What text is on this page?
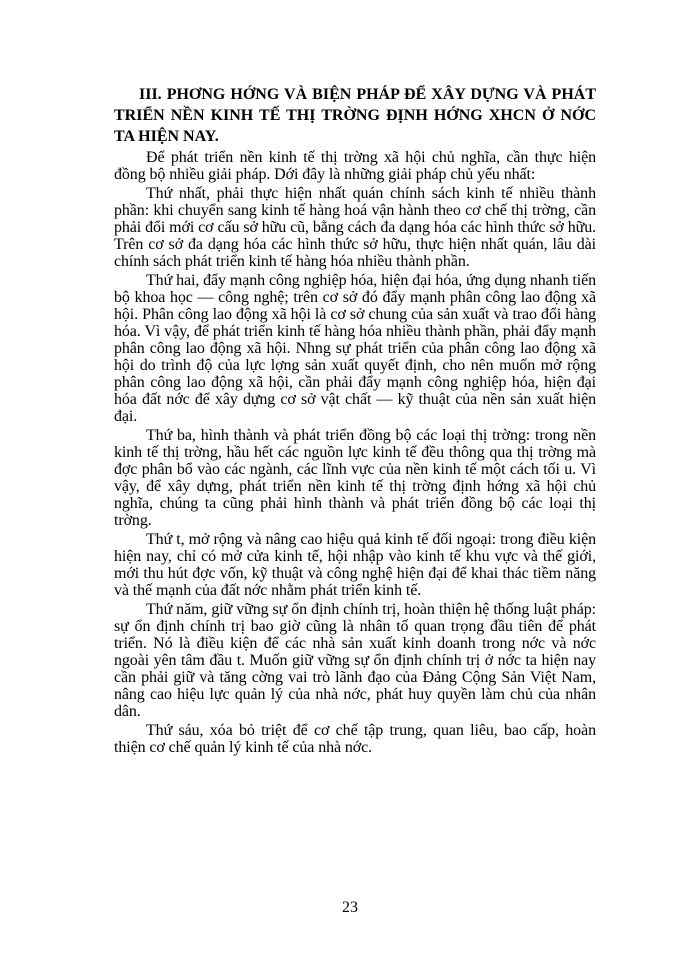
III. PHƠNG HỚNG VÀ BIỆN PHÁP ĐỂ XÂY DỰNG VÀ PHÁT TRIỂN NỀN KINH TẾ THỊ TRỜNG ĐỊNH HỚNG XHCN Ở NỚC TA HIỆN NAY.

Để phát triển nền kinh tế thị trờng xã hội chủ nghĩa, cần thực hiện đồng bộ nhiều giải pháp. Dới đây là những giải pháp chủ yếu nhất:

Thứ nhất, phải thực hiện nhất quán chính sách kinh tế nhiều thành phần: khi chuyển sang kinh tế hàng hoá vận hành theo cơ chế thị trờng, cần phải đổi mới cơ cấu sở hữu cũ, bằng cách đa dạng hóa các hình thức sở hữu. Trên cơ sở đa dạng hóa các hình thức sở hữu, thực hiện nhất quán, lâu dài chính sách phát triển kinh tế hàng hóa nhiều thành phần.

Thứ hai, đẩy mạnh công nghiệp hóa, hiện đại hóa, ứng dụng nhanh tiến bộ khoa học — công nghệ; trên cơ sở đó đẩy mạnh phân công lao động xã hội. Phân công lao động xã hội là cơ sở chung của sản xuất và trao đổi hàng hóa. Vì vậy, để phát triển kinh tế hàng hóa nhiều thành phần, phải đẩy mạnh phân công lao động xã hội. Nhng sự phát triển của phân công lao động xã hội do trình độ của lực lợng sản xuất quyết định, cho nên muốn mở rộng phân công lao động xã hội, cần phải đẩy mạnh công nghiệp hóa, hiện đại hóa đất nớc để xây dựng cơ sở vật chất — kỹ thuật của nền sản xuất hiện đại.

Thứ ba, hình thành và phát triển đồng bộ các loại thị trờng: trong nền kinh tế thị trờng, hầu hết các nguồn lực kinh tế đều thông qua thị trờng mà đợc phân bổ vào các ngành, các lĩnh vực của nền kinh tế một cách tối u. Vì vậy, để xây dựng, phát triển nền kinh tế thị trờng định hớng xã hội chủ nghĩa, chúng ta cũng phải hình thành và phát triển đồng bộ các loại thị trờng.

Thứ t, mở rộng và nâng cao hiệu quả kinh tế đối ngoại: trong điều kiện hiện nay, chỉ có mở cửa kinh tế, hội nhập vào kinh tế khu vực và thế giới, mới thu hút đợc vốn, kỹ thuật và công nghệ hiện đại để khai thác tiềm năng và thế mạnh của đất nớc nhằm phát triển kinh tế.

Thứ năm, giữ vững sự ổn định chính trị, hoàn thiện hệ thống luật pháp: sự ổn định chính trị bao giờ cũng là nhân tố quan trọng đầu tiên để phát triển. Nó là điều kiện để các nhà sản xuất kinh doanh trong nớc và nớc ngoài yên tâm đầu t. Muốn giữ vững sự ổn định chính trị ở nớc ta hiện nay cần phải giữ và tăng cờng vai trò lãnh đạo của Đảng Cộng Sản Việt Nam, nâng cao hiệu lực quản lý của nhà nớc, phát huy quyền làm chủ của nhân dân.

Thứ sáu, xóa bỏ triệt để cơ chế tập trung, quan liêu, bao cấp, hoàn thiện cơ chế quản lý kinh tế của nhà nớc.

23
